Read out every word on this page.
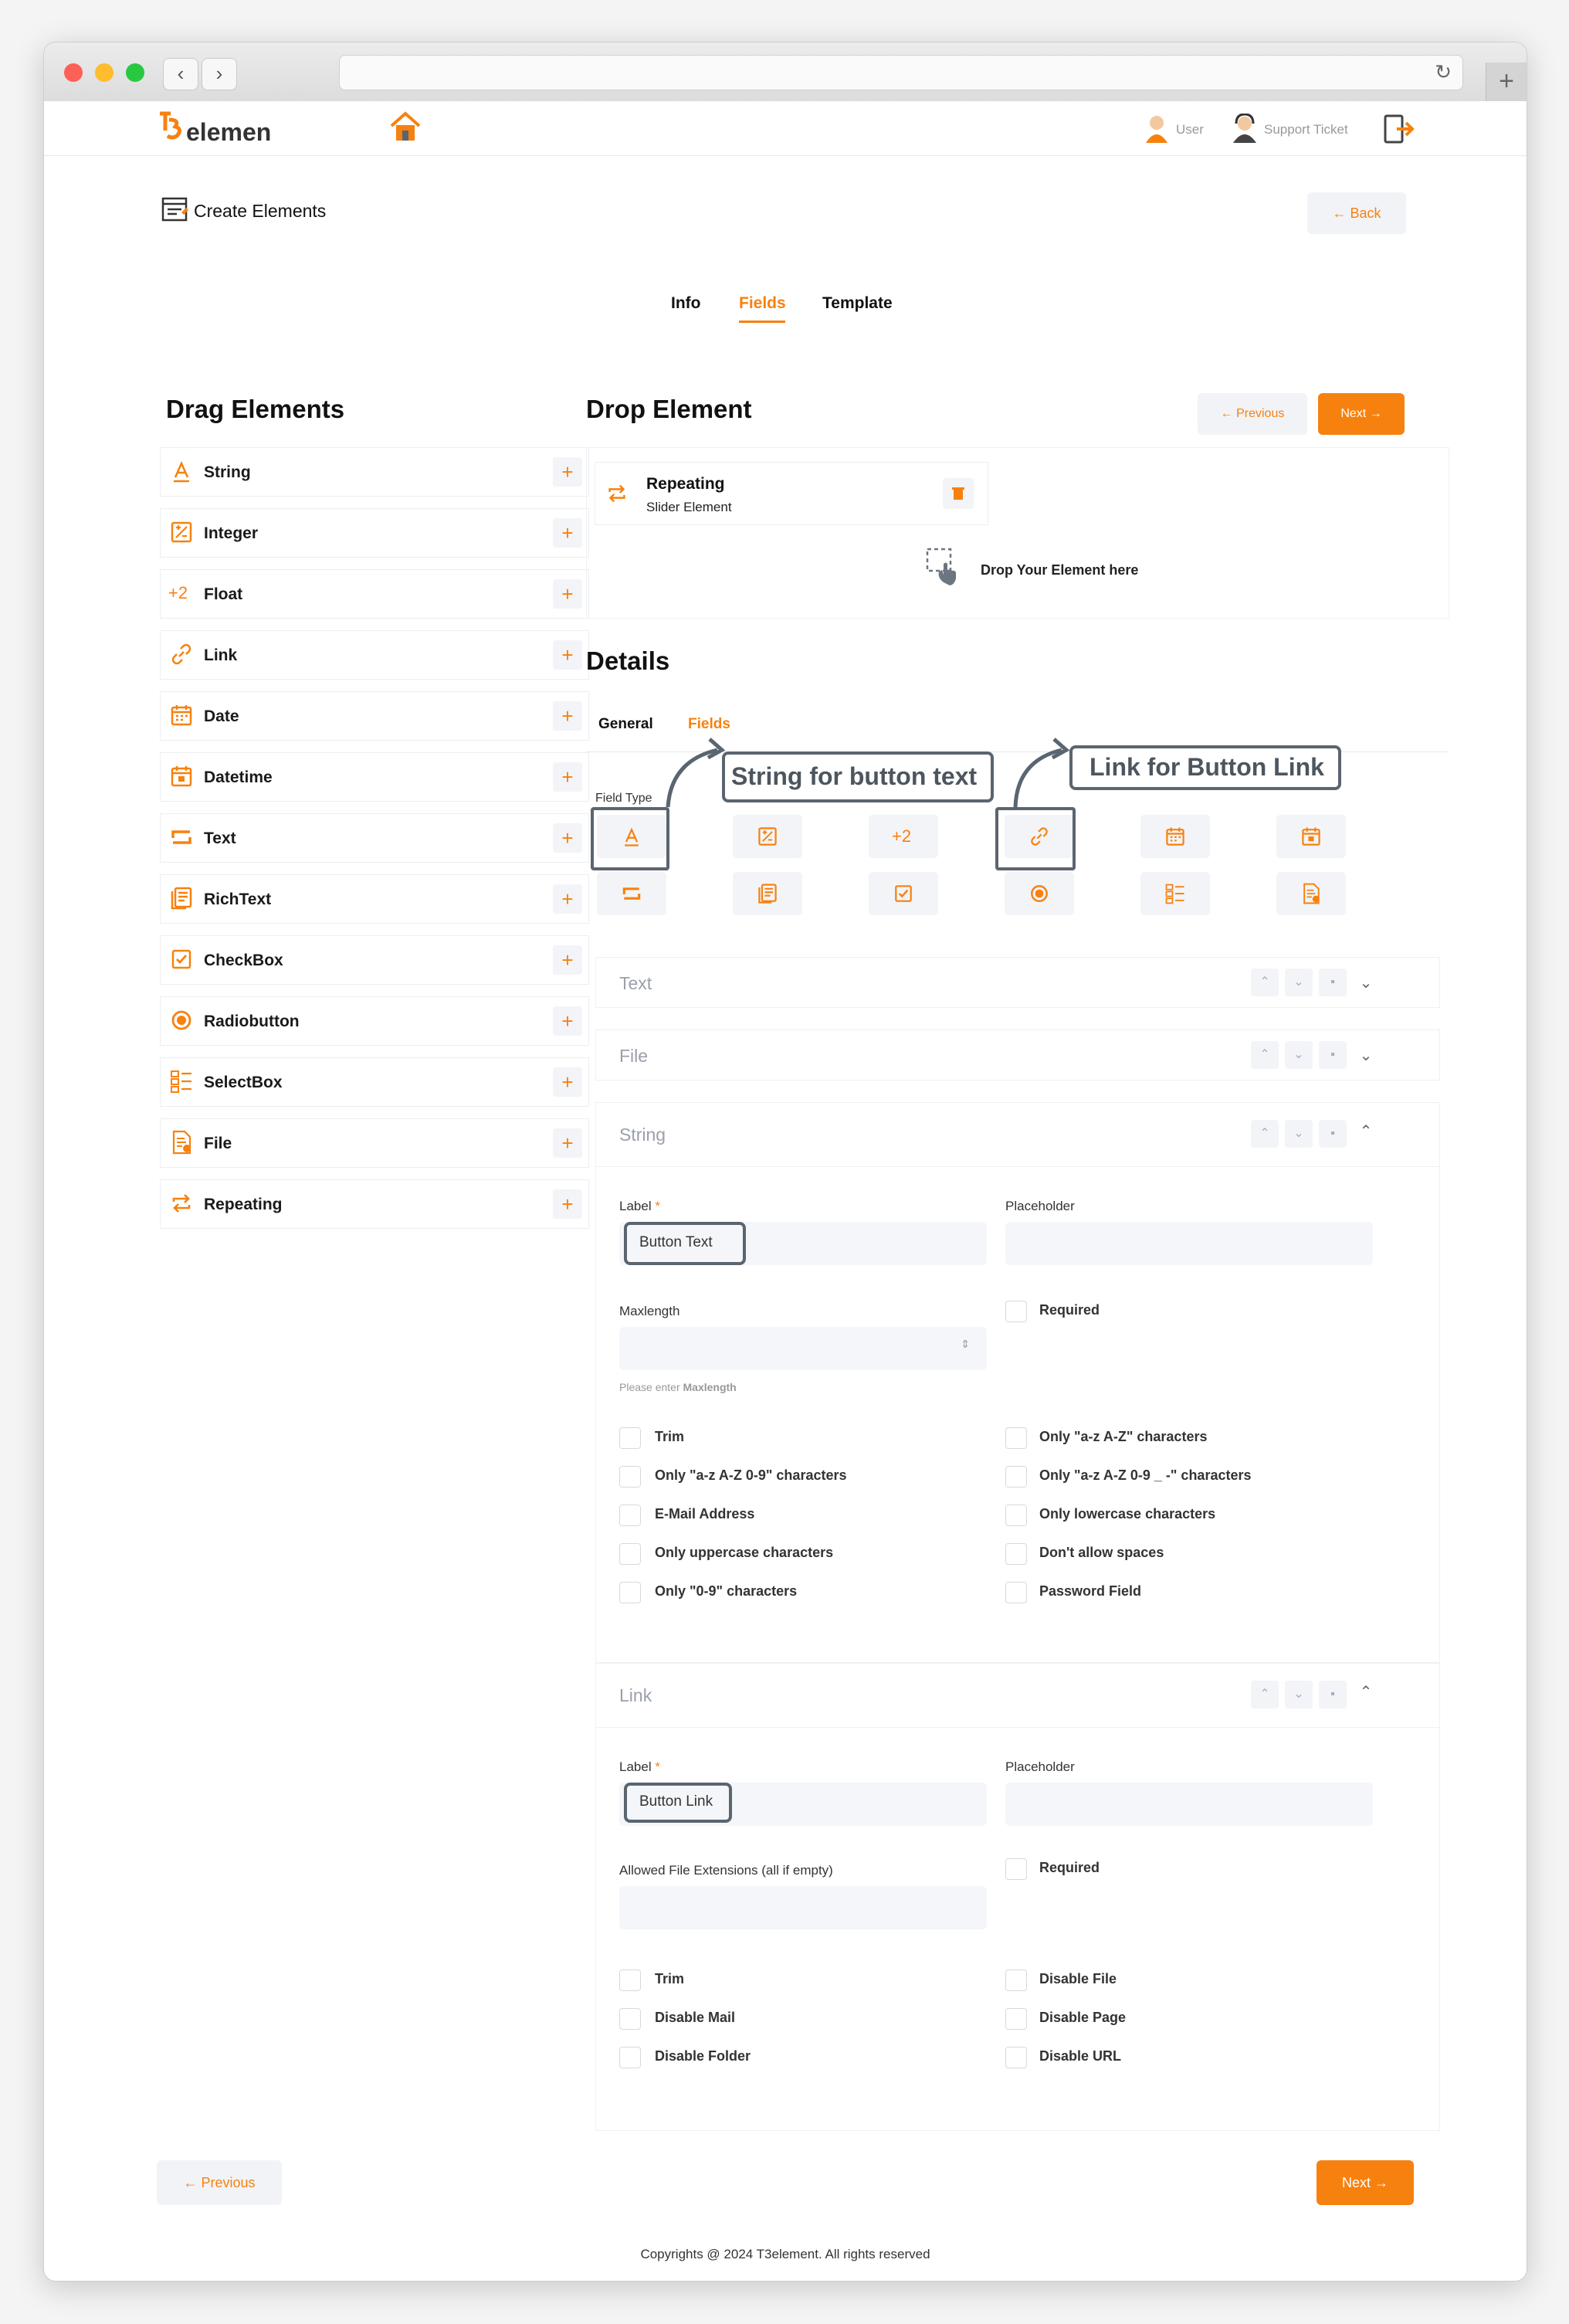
‹	›	↻	+
elemen	User	Support Ticket
Create Elements	← Back
Info Fields Template
Drag Elements
String	+
Integer	+
+2 Float	+
Link	+
Date	+
Datetime	+
Text	+
RichText	+
CheckBox	+
Radiobutton	+
SelectBox	+
File	+
Repeating	+
Drop Element	← Previous	Next →
Repeating
Slider Element
Drop Your Element here
Details
General Fields
Field Type
+2
String for button text	Link for Button Link
Text	⌃	⌄	▪	⌄
File	⌃	⌄	▪	⌄
String	⌃	⌄	▪	⌃
Label *
Button Text
Placeholder
Maxlength
⇕
Please enter Maxlength
Required
Trim
Only "a-z A-Z 0-9" characters
E-Mail Address
Only uppercase characters
Only "0-9" characters
Only "a-z A-Z" characters
Only "a-z A-Z 0-9 _ -" characters
Only lowercase characters
Don't allow spaces
Password Field
Link	⌃	⌄	▪	⌃
Label *
Button Link
Placeholder
Allowed File Extensions (all if empty)	Required
Trim
Disable Mail
Disable Folder
Disable File
Disable Page
Disable URL
← Previous	Next →
Copyrights @ 2024 T3element. All rights reserved
